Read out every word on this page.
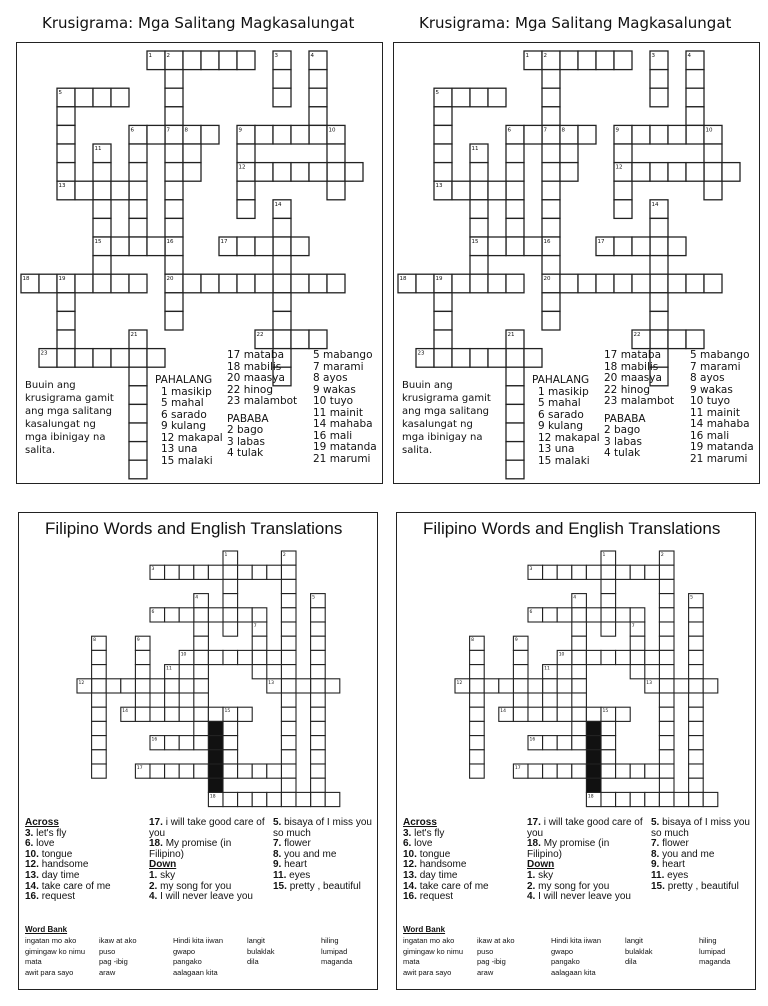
Krusigrama: Mga Salitang Magkasalungat
1	2	3	4
5
6	7	8	9	10
11
12
13
14
15	16	17
18	19	20
21	22
23
Buuin ang krusigrama gamit ang mga salitang kasalungat ng mga ibinigay na salita.
PAHALANG
1 masikip
5 mahal
6 sarado
9 kulang
12 makapal
13 una
15 malaki
17 mataba
18 mabilis
20 maasya
22 hinog
23 malambot
PABABA
2 bago
3 labas
4 tulak
5 mabango
7 marami
8 ayos
9 wakas
10 tuyo
11 mainit
14 mahaba
16 mali
19 matanda
21 marumi
Krusigrama: Mga Salitang Magkasalungat
1	2	3	4
5
6	7	8	9	10
11
12
13
14
15	16	17
18	19	20
21	22
23
Buuin ang krusigrama gamit ang mga salitang kasalungat ng mga ibinigay na salita.
PAHALANG
1 masikip
5 mahal
6 sarado
9 kulang
12 makapal
13 una
15 malaki
17 mataba
18 mabilis
20 maasya
22 hinog
23 malambot
PABABA
2 bago
3 labas
4 tulak
5 mabango
7 marami
8 ayos
9 wakas
10 tuyo
11 mainit
14 mahaba
16 mali
19 matanda
21 marumi
Filipino Words and English Translations
1	2
3
4	5
6
7
8	9
10
11
12	13
14	15
16
17
18
Across
3. let's fly
6. love
10. tongue
12. handsome
13. day time
14. take care of me
16. request
17. i will take good care of you
18. My promise (in Filipino)
Down
1. sky
2. my song for you
4. I will never leave you
5. bisaya of I miss you so much
7. flower
8. you and me
9. heart
11. eyes
15. pretty , beautiful
Word Bank
ingatan mo ako
gimingaw ko nimu
mata
awit para sayo
ikaw at ako
puso
pag -ibig
araw
Hindi kita iiwan
gwapo
pangako
aalagaan kita
langit
bulaklak
dila
hiling
lumipad
maganda
Filipino Words and English Translations
1	2
3
4	5
6
7
8	9
10
11
12	13
14	15
16
17
18
Across
3. let's fly
6. love
10. tongue
12. handsome
13. day time
14. take care of me
16. request
17. i will take good care of you
18. My promise (in Filipino)
Down
1. sky
2. my song for you
4. I will never leave you
5. bisaya of I miss you so much
7. flower
8. you and me
9. heart
11. eyes
15. pretty , beautiful
Word Bank
ingatan mo ako
gimingaw ko nimu
mata
awit para sayo
ikaw at ako
puso
pag -ibig
araw
Hindi kita iiwan
gwapo
pangako
aalagaan kita
langit
bulaklak
dila
hiling
lumipad
maganda
